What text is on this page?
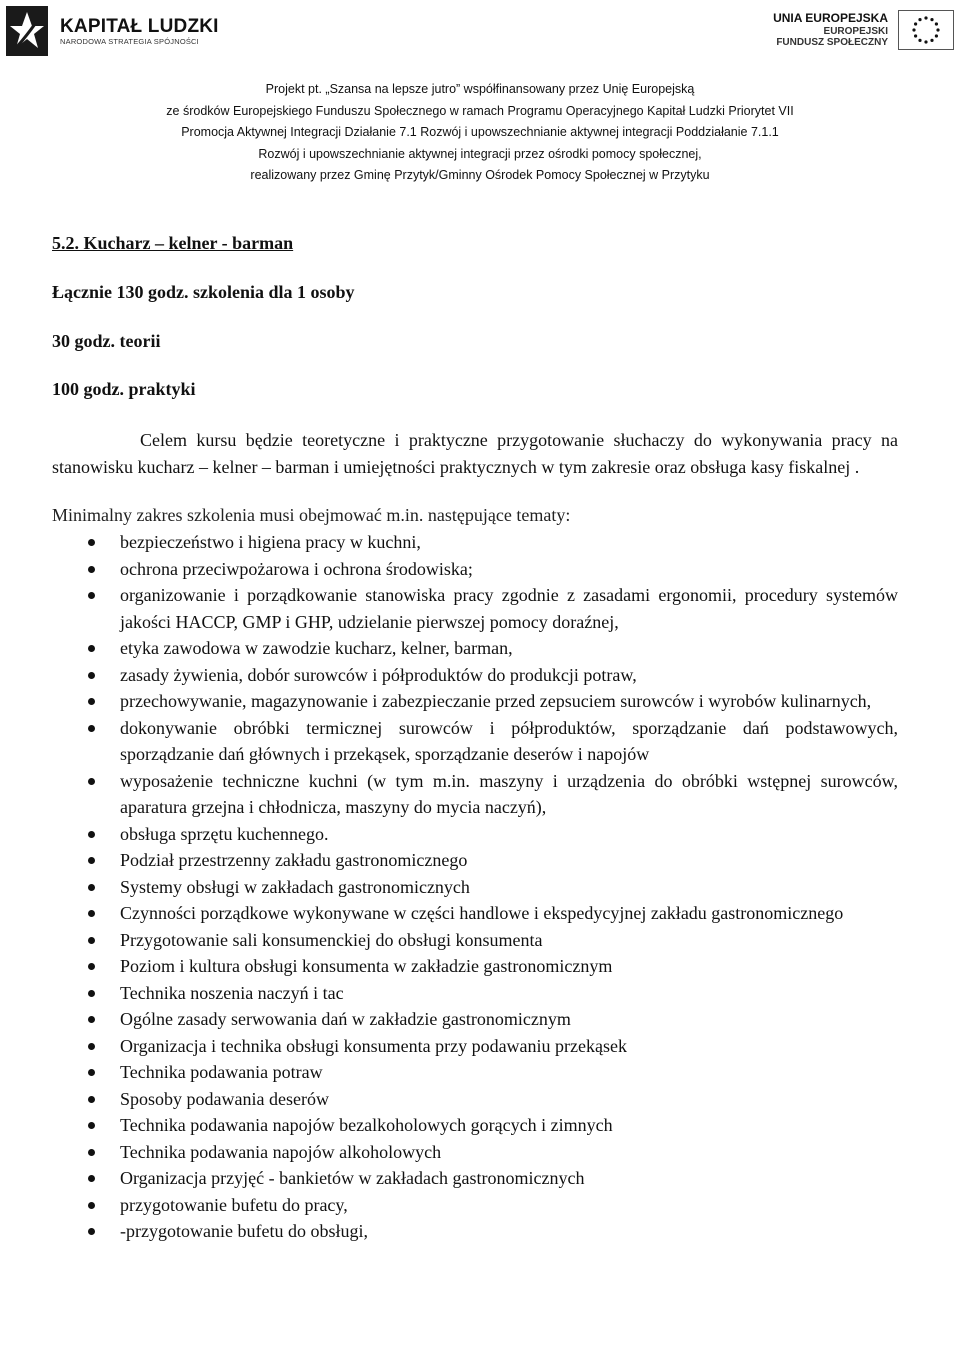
KAPITAŁ LUDZKI
NARODOWA STRATEGIA SPÓJNOŚCI
UNIA EUROPEJSKA
EUROPEJSKI
FUNDUSZ SPOŁECZNY
Projekt pt. „Szansa na lepsze jutro” współfinansowany przez Unię Europejską
ze środków Europejskiego Funduszu Społecznego w ramach Programu Operacyjnego Kapitał Ludzki Priorytet VII
Promocja Aktywnej Integracji Działanie 7.1 Rozwój i upowszechnianie aktywnej integracji Poddziałanie 7.1.1
Rozwój i upowszechnianie aktywnej integracji przez ośrodki pomocy społecznej,
realizowany przez Gminę Przytyk/Gminny Ośrodek Pomocy Społecznej w Przytyku

5.2. Kucharz – kelner - barman

Łącznie 130 godz. szkolenia dla 1 osoby

30 godz. teorii

100 godz. praktyki

Celem kursu będzie teoretyczne i praktyczne przygotowanie słuchaczy do wykonywania pracy na stanowisku kucharz – kelner – barman i umiejętności praktycznych w tym zakresie oraz obsługa kasy fiskalnej .

Minimalny zakres szkolenia musi obejmować m.in. następujące tematy:

bezpieczeństwo i higiena pracy w kuchni,
ochrona przeciwpożarowa i ochrona środowiska;
organizowanie i porządkowanie stanowiska pracy zgodnie z zasadami ergonomii, procedury systemów jakości HACCP, GMP i GHP, udzielanie pierwszej pomocy doraźnej,
etyka zawodowa w zawodzie kucharz, kelner, barman,
zasady żywienia, dobór surowców i półproduktów do produkcji potraw,
przechowywanie, magazynowanie i zabezpieczanie przed zepsuciem surowców i wyrobów kulinarnych,
dokonywanie obróbki termicznej surowców i półproduktów, sporządzanie dań podstawowych, sporządzanie dań głównych i przekąsek, sporządzanie deserów i napojów
wyposażenie techniczne kuchni (w tym m.in. maszyny i urządzenia do obróbki wstępnej surowców, aparatura grzejna i chłodnicza, maszyny do mycia naczyń),
obsługa sprzętu kuchennego.
Podział przestrzenny zakładu gastronomicznego
Systemy obsługi w zakładach gastronomicznych
Czynności porządkowe wykonywane w części handlowe i ekspedycyjnej zakładu gastronomicznego
Przygotowanie sali konsumenckiej do obsługi konsumenta
Poziom i kultura obsługi konsumenta w zakładzie gastronomicznym
Technika noszenia naczyń i tac
Ogólne zasady serwowania dań w zakładzie gastronomicznym
Organizacja i technika obsługi konsumenta przy podawaniu przekąsek
Technika podawania potraw
Sposoby podawania deserów
Technika podawania napojów bezalkoholowych gorących i zimnych
Technika podawania napojów alkoholowych
Organizacja przyjęć - bankietów w zakładach gastronomicznych
przygotowanie bufetu do pracy,
-przygotowanie bufetu do obsługi,
